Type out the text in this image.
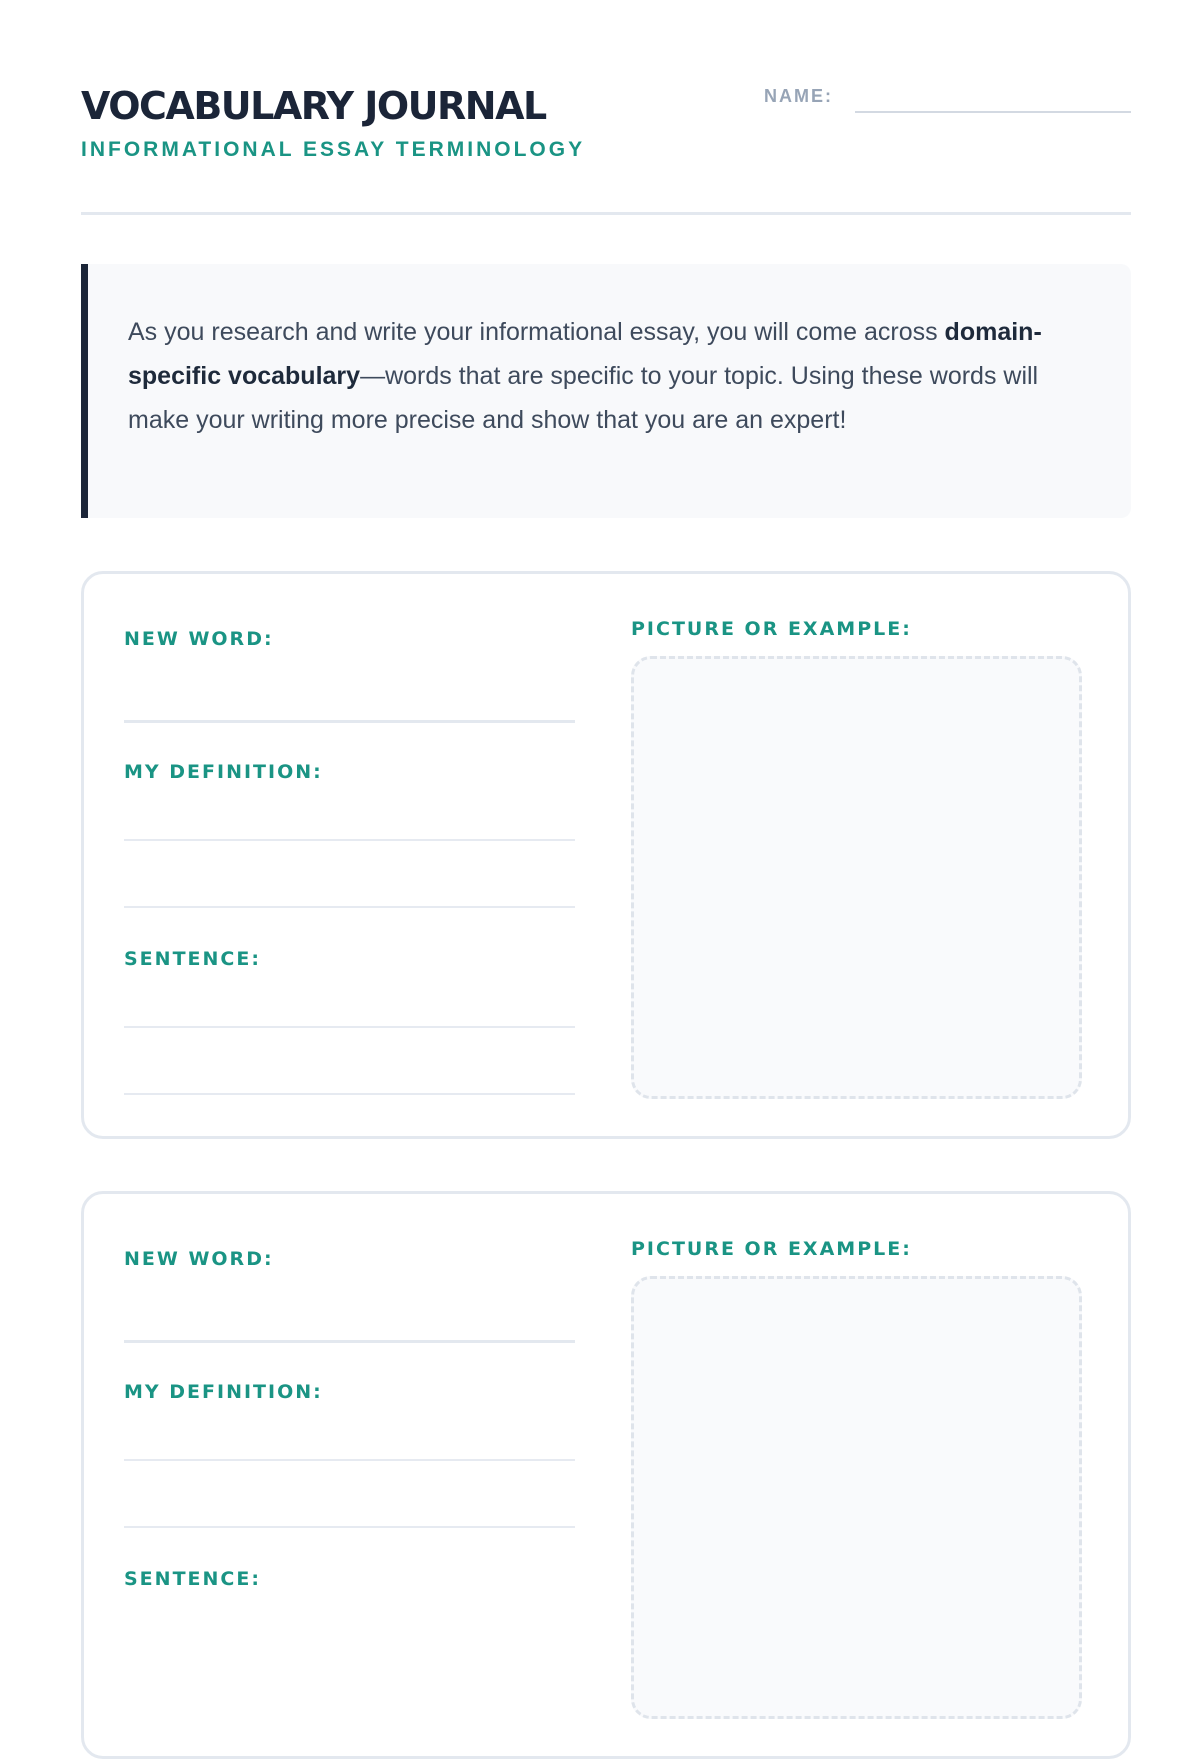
VOCABULARY JOURNAL
INFORMATIONAL ESSAY TERMINOLOGY
NAME:
As you research and write your informational essay, you will come across domain-specific vocabulary—words that are specific to your topic. Using these words will make your writing more precise and show that you are an expert!
NEW WORD:
MY DEFINITION:
SENTENCE:
PICTURE OR EXAMPLE:
NEW WORD:
MY DEFINITION:
SENTENCE:
PICTURE OR EXAMPLE:
